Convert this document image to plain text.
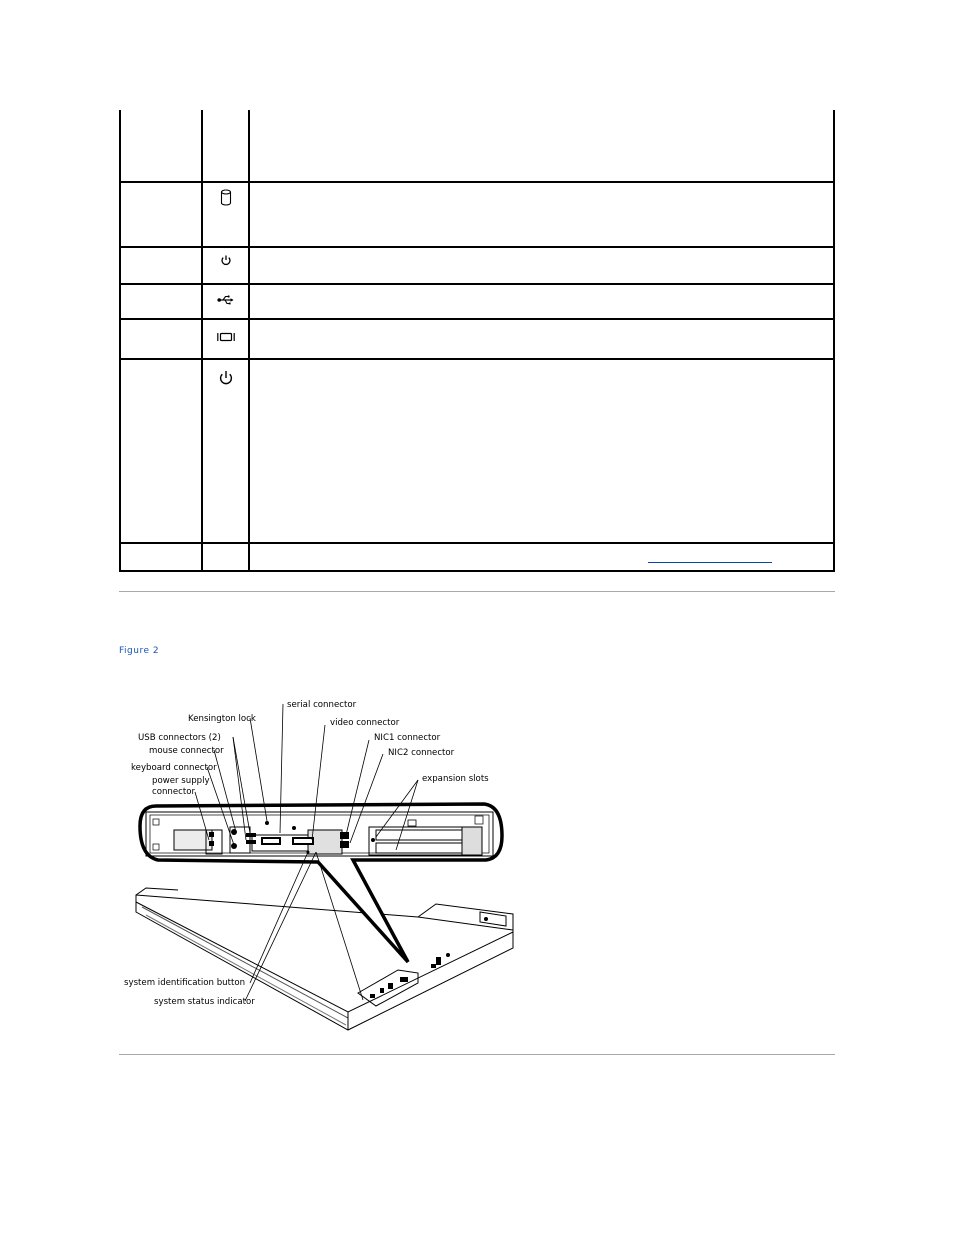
Figure 2
serial connector
Kensington lock	video connector
USB connectors (2)	NIC1 connector
mouse connector	NIC2 connector
keyboard connector
expansion slots
power supply
connector
system identification button
system status indicator
